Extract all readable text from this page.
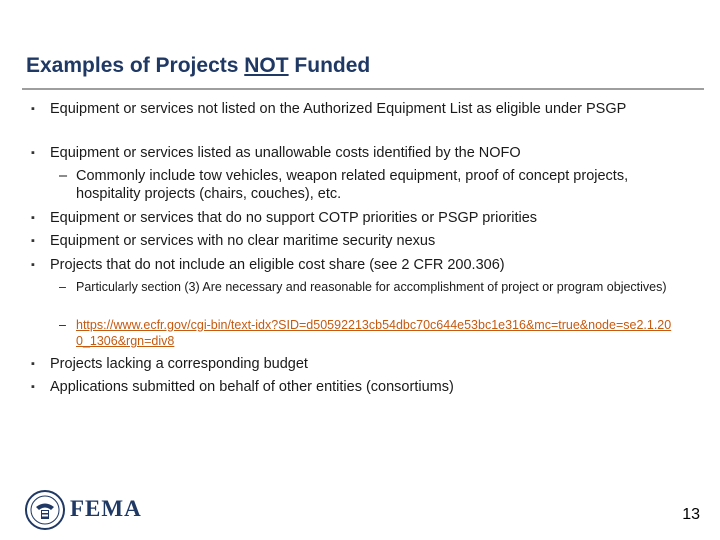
Examples of Projects NOT Funded
▪ Equipment or services not listed on the Authorized Equipment List as eligible under PSGP
▪ Equipment or services listed as unallowable costs identified by the NOFO
– Commonly include tow vehicles, weapon related equipment, proof of concept projects, hospitality projects (chairs, couches), etc.
▪ Equipment or services that do no support COTP priorities or PSGP priorities
▪ Equipment or services with no clear maritime security nexus
▪ Projects that do not include an eligible cost share (see 2 CFR 200.306)
– Particularly section (3) Are necessary and reasonable for accomplishment of project or program objectives)
– https://www.ecfr.gov/cgi-bin/text-idx?SID=d50592213cb54dbc70c644e53bc1e316&mc=true&node=se2.1.200_1306&rgn=div8
▪ Projects lacking a corresponding budget
▪ Applications submitted on behalf of other entities (consortiums)
FEMA	13
